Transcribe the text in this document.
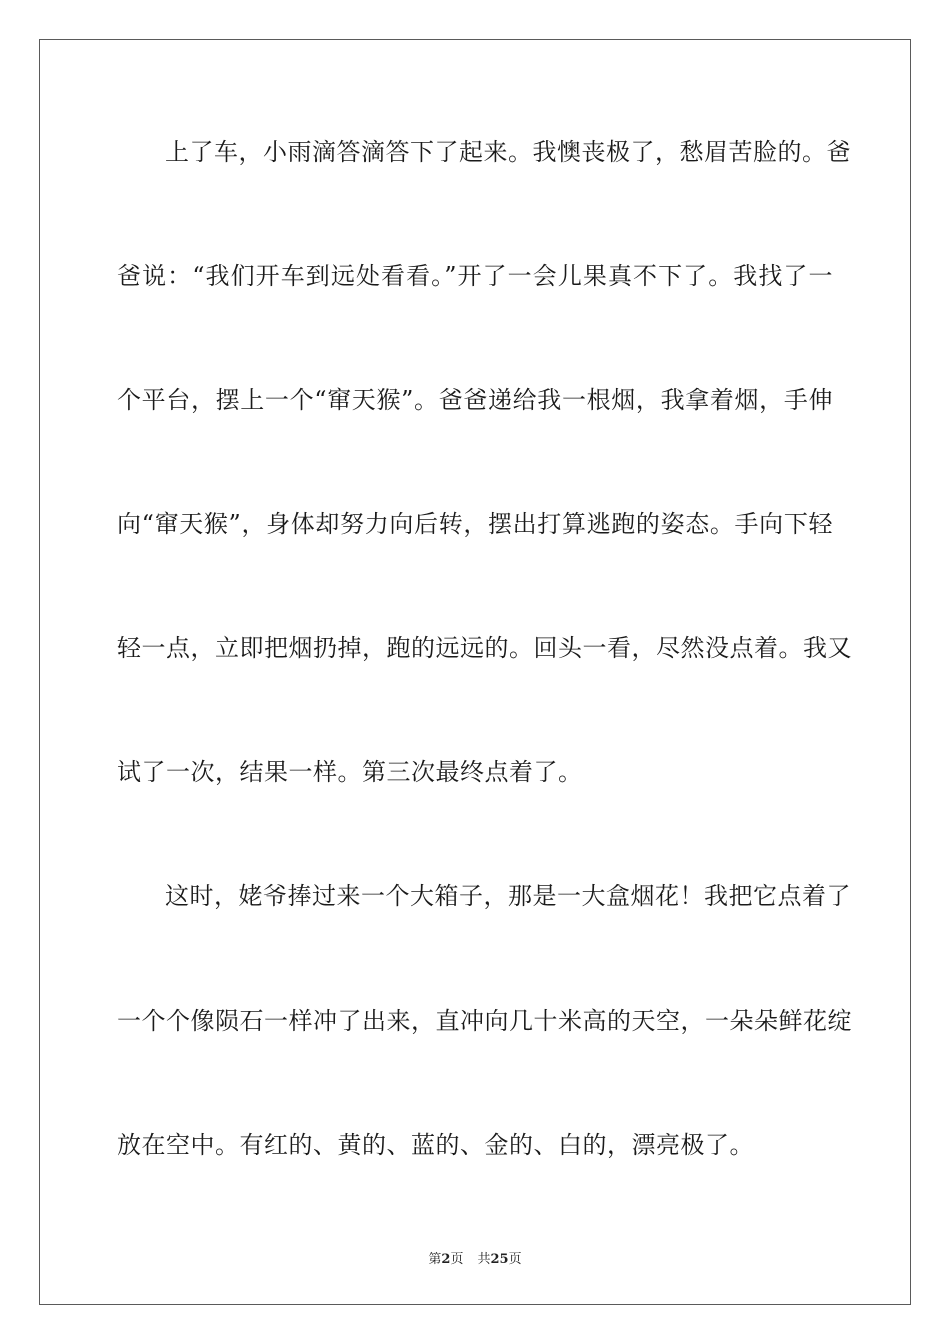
上了车，小雨滴答滴答下了起来。我懊丧极了，愁眉苦脸的。爸
爸说：“我们开车到远处看看。”开了一会儿果真不下了。我找了一
个平台，摆上一个“窜天猴”。爸爸递给我一根烟，我拿着烟，手伸
向“窜天猴”，身体却努力向后转，摆出打算逃跑的姿态。手向下轻
轻一点，立即把烟扔掉，跑的远远的。回头一看，尽然没点着。我又
试了一次，结果一样。第三次最终点着了。
这时，姥爷捧过来一个大箱子，那是一大盒烟花！我把它点着了
一个个像陨石一样冲了出来，直冲向几十米高的天空，一朵朵鲜花绽
放在空中。有红的、黄的、蓝的、金的、白的，漂亮极了。
第2页 共25页
